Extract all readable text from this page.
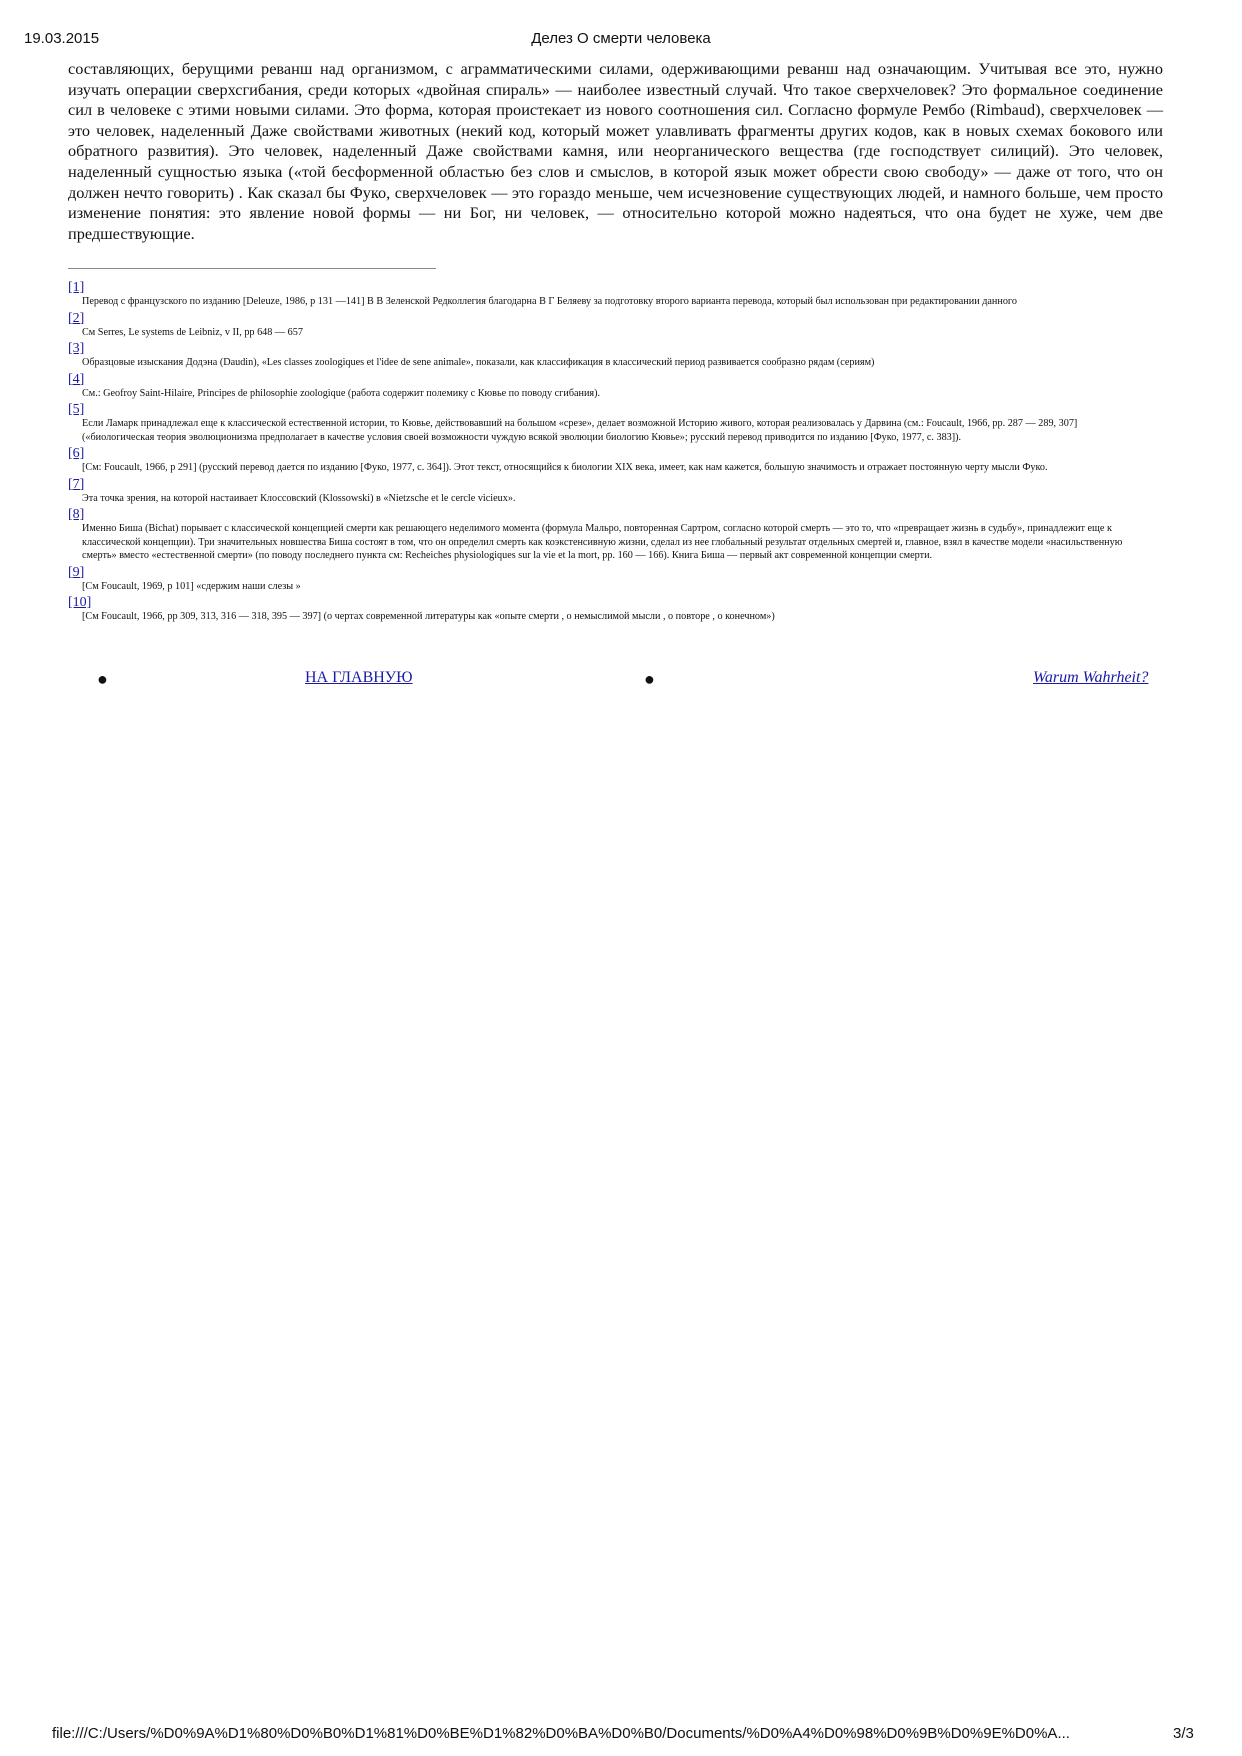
19.03.2015	Делез О смерти человека

составляющих, берущими реванш над организмом, с аграмматическими силами, одерживающими реванш над означающим. Учитывая все это, нужно изучать операции сверхсгибания, среди которых «двойная спираль» — наиболее известный случай. Что такое сверхчеловек? Это формальное соединение сил в человеке с этими новыми силами. Это форма, которая проистекает из нового соотношения сил. Согласно формуле Рембо (Rimbaud), сверхчеловек — это человек, наделенный Даже свойствами животных (некий код, который может улавливать фрагменты других кодов, как в новых схемах бокового или обратного развития). Это человек, наделенный Даже свойствами камня, или неорганического вещества (где господствует силиций). Это человек, наделенный сущностью языка («той бесформенной областью без слов и смыслов, в которой язык может обрести свою свободу» — даже от того, что он должен нечто говорить) . Как сказал бы Фуко, сверхчеловек — это гораздо меньше, чем исчезновение существующих людей, и намного больше, чем просто изменение понятия: это явление новой формы — ни Бог, ни человек, — относительно которой можно надеяться, что она будет не хуже, чем две предшествующие.

[1]
Перевод с французского по изданию [Deleuze, 1986, p 131 —141] В В Зеленской Редколлегия благодарна В Г Беляеву за подготовку второго варианта перевода, который был использован при редактировании данного
[2]
См Serres, Le systems de Leibniz, v II, pp 648 — 657
[3]
Образцовые изыскания Додэна (Daudin), «Les classes zoologiques et l'idee de sene animale», показали, как классификация в классический период развивается сообразно рядам (сериям)
[4]
См.: Geofroy Saint-Hilaire, Principes de philosophie zoologique (работа содержит полемику с Кювье по поводу сгибания).
[5]
Если Ламарк принадлежал еще к классической естественной истории, то Кювье, действовавший на большом «срезе», делает возможной Историю живого, которая реализовалась у Дарвина (см.: Foucault, 1966, pp. 287 — 289, 307] («биологическая теория эволюционизма предполагает в качестве условия своей возможности чуждую всякой эволюции биологию Кювье»; русский перевод приводится по изданию [Фуко, 1977, с. 383]).
[6]
[См: Foucault, 1966, p 291] (русский перевод дается по изданию [Фуко, 1977, с. 364]). Этот текст, относящийся к биологии XIX века, имеет, как нам кажется, большую значимость и отражает постоянную черту мысли Фуко.
[7]
Эта точка зрения, на которой настаивает Клоссовский (Klossowski) в «Nietzsche et le cercle vicieux».
[8]
Именно Биша (Bichat) порывает с классической концепцией смерти как решающего неделимого момента (формула Мальро, повторенная Сартром, согласно которой смерть — это то, что «превращает жизнь в судьбу», принадлежит еще к классической концепции). Три значительных новшества Биша состоят в том, что он определил смерть как коэкстенсивную жизни, сделал из нее глобальный результат отдельных смертей и, главное, взял в качестве модели «насильственную смерть» вместо «естественной смерти» (по поводу последнего пункта см: Recheiches physiologiques sur la vie et la mort, pp. 160 — 166). Книга Биша — первый акт современной концепции смерти.
[9]
[См Foucault, 1969, p 101] «сдержим наши слезы »
[10]
[См Foucault, 1966, pp 309, 313, 316 — 318, 395 — 397] (о чертах современной литературы как «опыте смерти , о немыслимой мысли , о повторе , о конечном»)
●	НА ГЛАВНУЮ	●	Warum Wahrheit?
file:///C:/Users/%D0%9A%D1%80%D0%B0%D1%81%D0%BE%D1%82%D0%BA%D0%B0/Documents/%D0%A4%D0%98%D0%9B%D0%9E%D0%A...	3/3
